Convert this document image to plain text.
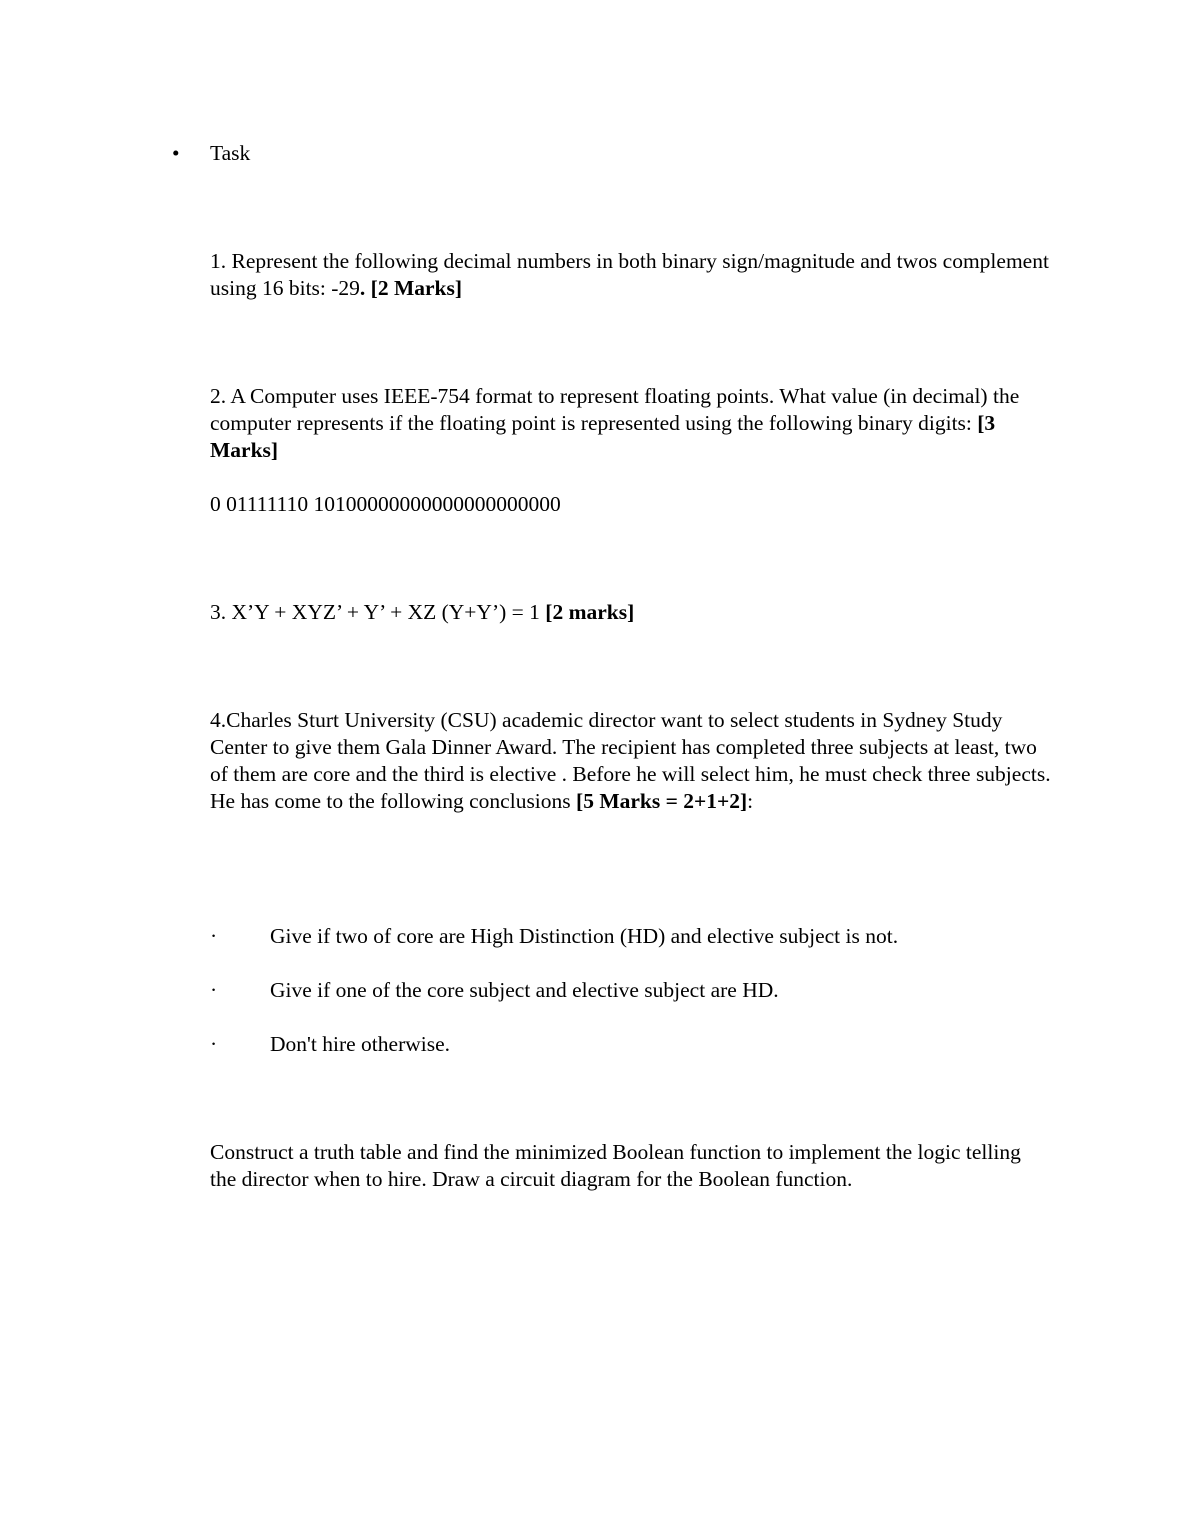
• Task

1. Represent the following decimal numbers in both binary sign/magnitude and twos complement using 16 bits: -29. [2 Marks]

2. A Computer uses IEEE-754 format to represent floating points. What value (in decimal) the computer represents if the floating point is represented using the following binary digits: [3 Marks]

0 01111110 10100000000000000000000

3. X’Y + XYZ’ + Y’ + XZ (Y+Y’) = 1 [2 marks]

4.Charles Sturt University (CSU) academic director want to select students in Sydney Study Center to give them Gala Dinner Award. The recipient has completed three subjects at least, two of them are core and the third is elective . Before he will select him, he must check three subjects. He has come to the following conclusions [5 Marks = 2+1+2]:

· Give if two of core are High Distinction (HD) and elective subject is not.

· Give if one of the core subject and elective subject are HD.

· Don't hire otherwise.

Construct a truth table and find the minimized Boolean function to implement the logic telling the director when to hire. Draw a circuit diagram for the Boolean function.
